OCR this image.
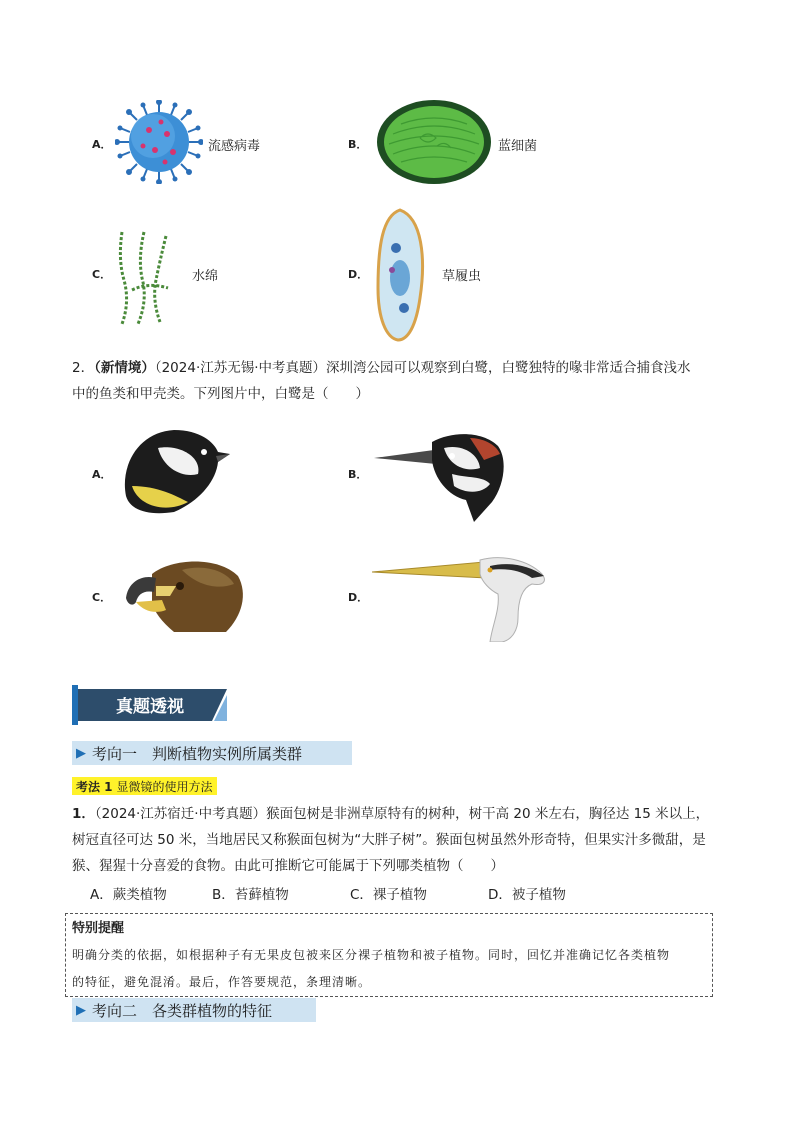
A．	流感病毒	B．	蓝细菌
C．	水绵	D．	草履虫
2．（新情境）（2024·江苏无锡·中考真题）深圳湾公园可以观察到白鹭，白鹭独特的喙非常适合捕食浅水
中的鱼类和甲壳类。下列图片中，白鹭是（　　）
A．	B．
C．	D．
真题透视
▶ 考向一　判断植物实例所属类群
考法 1 显微镜的使用方法
1．（2024·江苏宿迁·中考真题）猴面包树是非洲草原特有的树种，树干高 20 米左右，胸径达 15 米以上，
树冠直径可达 50 米，当地居民又称猴面包树为“大胖子树”。猴面包树虽然外形奇特，但果实汁多微甜，是
猴、猩猩十分喜爱的食物。由此可推断它可能属于下列哪类植物（　　）
A．蕨类植物	B．苔藓植物	C．裸子植物	D．被子植物
特别提醒
明确分类的依据，如根据种子有无果皮包被来区分裸子植物和被子植物。同时，回忆并准确记忆各类植物
的特征，避免混淆。最后，作答要规范，条理清晰。
▶ 考向二　各类群植物的特征
